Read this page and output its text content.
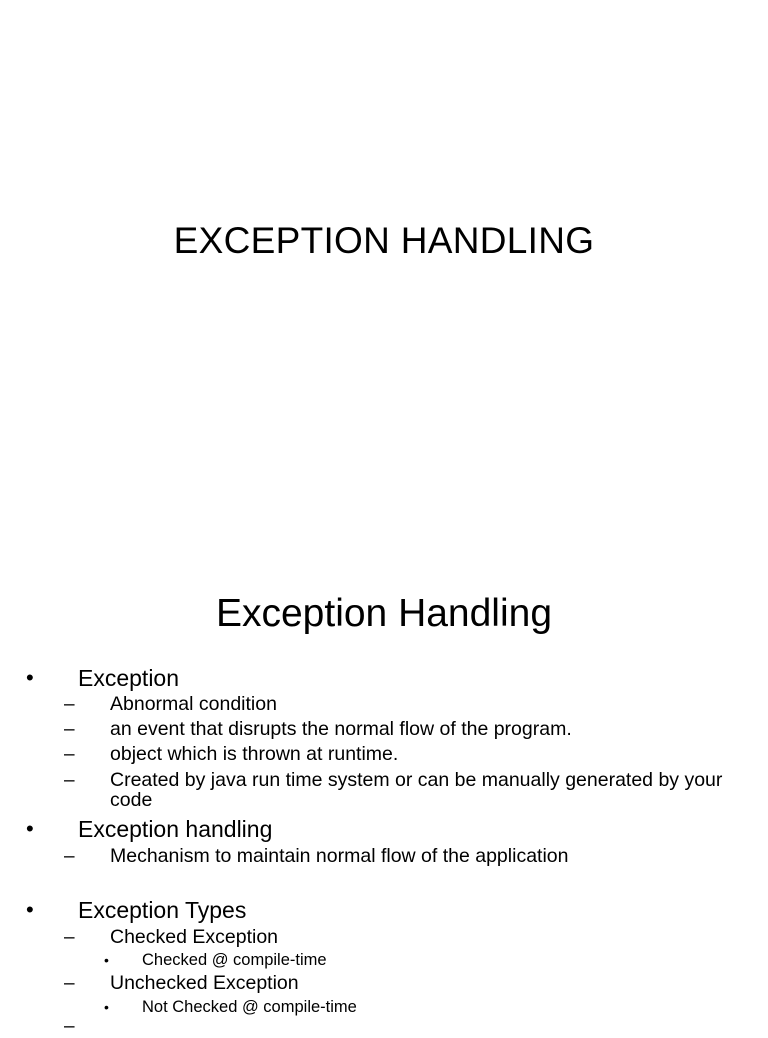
EXCEPTION HANDLING
Exception Handling
• Exception
– Abnormal condition
– an event that disrupts the normal flow of the program.
– object which is thrown at runtime.
– Created by java run time system or can be manually generated by your code
• Exception handling
– Mechanism to maintain normal flow of the application
• Exception Types
– Checked Exception
• Checked @ compile-time
– Unchecked Exception
• Not Checked @ compile-time
–
